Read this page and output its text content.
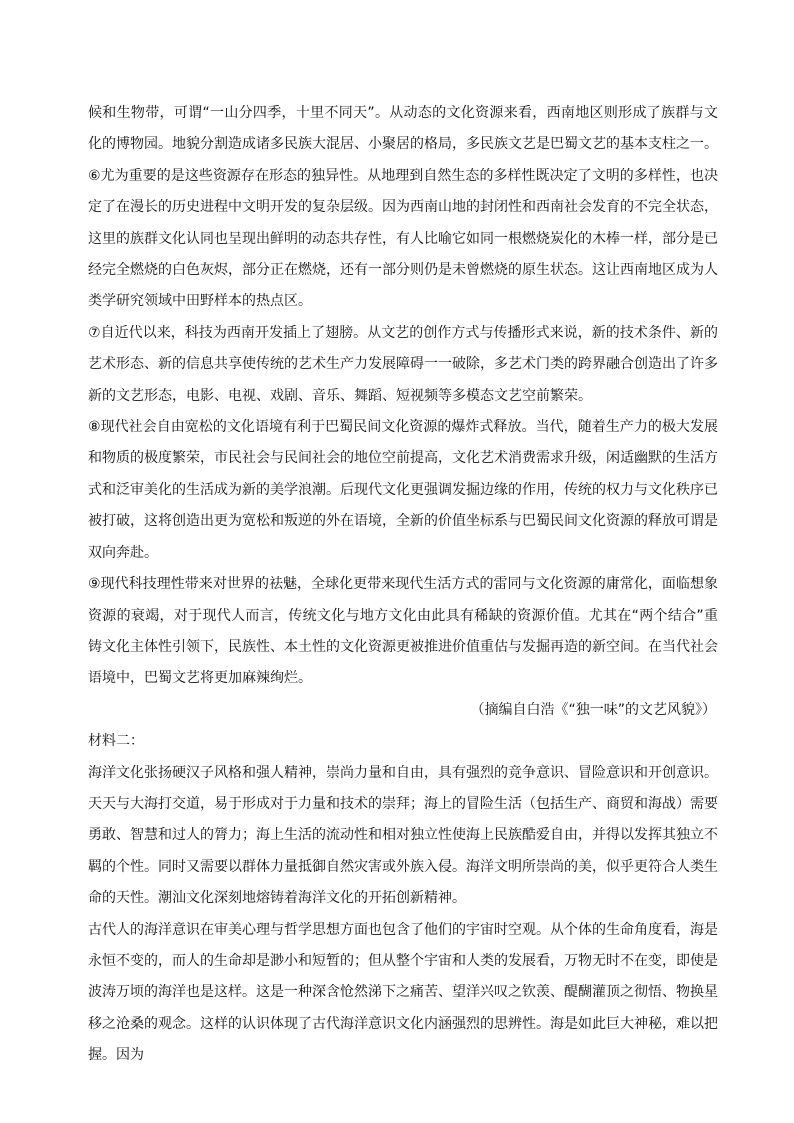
候和生物带，可谓“一山分四季，十里不同天”。从动态的文化资源来看，西南地区则形成了族群与文化的博物园。地貌分割造成诸多民族大混居、小聚居的格局，多民族文艺是巴蜀文艺的基本支柱之一。

⑥尤为重要的是这些资源存在形态的独异性。从地理到自然生态的多样性既决定了文明的多样性，也决定了在漫长的历史进程中文明开发的复杂层级。因为西南山地的封闭性和西南社会发育的不完全状态，这里的族群文化认同也呈现出鲜明的动态共存性，有人比喻它如同一根燃烧炭化的木棒一样，部分是已经完全燃烧的白色灰烬，部分正在燃烧，还有一部分则仍是未曾燃烧的原生状态。这让西南地区成为人类学研究领域中田野样本的热点区。

⑦自近代以来，科技为西南开发插上了翅膀。从文艺的创作方式与传播形式来说，新的技术条件、新的艺术形态、新的信息共享使传统的艺术生产力发展障碍一一破除，多艺术门类的跨界融合创造出了许多新的文艺形态，电影、电视、戏剧、音乐、舞蹈、短视频等多模态文艺空前繁荣。

⑧现代社会自由宽松的文化语境有利于巴蜀民间文化资源的爆炸式释放。当代，随着生产力的极大发展和物质的极度繁荣，市民社会与民间社会的地位空前提高，文化艺术消费需求升级，闲适幽默的生活方式和泛审美化的生活成为新的美学浪潮。后现代文化更强调发掘边缘的作用，传统的权力与文化秩序已被打破，这将创造出更为宽松和叛逆的外在语境，全新的价值坐标系与巴蜀民间文化资源的释放可谓是双向奔赴。

⑨现代科技理性带来对世界的祛魅，全球化更带来现代生活方式的雷同与文化资源的庸常化，面临想象资源的衰竭，对于现代人而言，传统文化与地方文化由此具有稀缺的资源价值。尤其在“两个结合”重铸文化主体性引领下，民族性、本土性的文化资源更被推进价值重估与发掘再造的新空间。在当代社会语境中，巴蜀文艺将更加麻辣绚烂。

（摘编自白浩《“独一味”的文艺风貌》）

材料二：

海洋文化张扬硬汉子风格和强人精神，崇尚力量和自由，具有强烈的竞争意识、冒险意识和开创意识。天天与大海打交道，易于形成对于力量和技术的崇拜；海上的冒险生活（包括生产、商贸和海战）需要勇敢、智慧和过人的膂力；海上生活的流动性和相对独立性使海上民族酷爱自由，并得以发挥其独立不羁的个性。同时又需要以群体力量抵御自然灾害或外族入侵。海洋文明所崇尚的美，似乎更符合人类生命的天性。潮汕文化深刻地熔铸着海洋文化的开拓创新精神。

古代人的海洋意识在审美心理与哲学思想方面也包含了他们的宇宙时空观。从个体的生命角度看，海是永恒不变的，而人的生命却是渺小和短暂的；但从整个宇宙和人类的发展看，万物无时不在变，即使是波涛万顷的海洋也是这样。这是一种深含怆然涕下之痛苦、望洋兴叹之钦羡、醍醐灌顶之彻悟、物换星移之沧桑的观念。这样的认识体现了古代海洋意识文化内涵强烈的思辨性。海是如此巨大神秘，难以把握。因为
